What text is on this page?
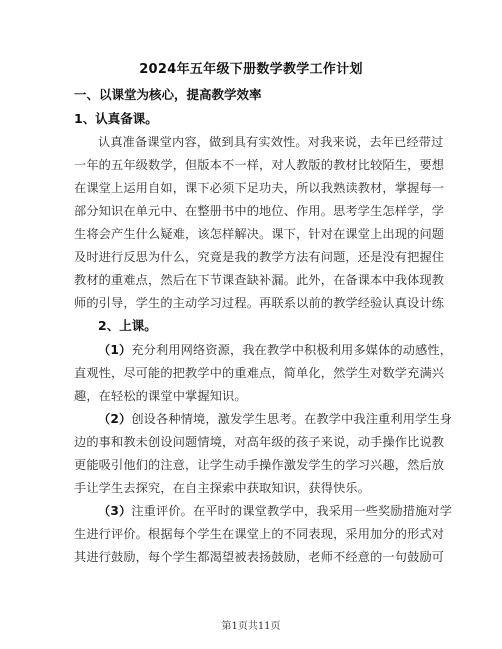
2024年五年级下册数学教学工作计划
一、以课堂为核心，提高教学效率
1、认真备课。
认真准备课堂内容，做到具有实效性。对我来说，去年已经带过
一年的五年级数学，但版本不一样，对人教版的教材比较陌生，要想
在课堂上运用自如，课下必须下足功夫，所以我熟读教材，掌握每一
部分知识在单元中、在整册书中的地位、作用。思考学生怎样学，学
生将会产生什么疑难，该怎样解决。课下，针对在课堂上出现的问题
及时进行反思为什么，究竟是我的教学方法有问题，还是没有把握住
教材的重难点，然后在下节课查缺补漏。此外，在备课本中我体现教
师的引导，学生的主动学习过程。再联系以前的教学经验认真设计练
2、上课。
（1）充分利用网络资源，我在教学中积极利用多媒体的动感性，
直观性，尽可能的把教学中的重难点，简单化，然学生对数学充满兴
趣，在轻松的课堂中掌握知识。
（2）创设各种情境，激发学生思考。在教学中我注重利用学生身
边的事和教未创设问题情境，对高年级的孩子来说，动手操作比说教
更能吸引他们的注意，让学生动手操作激发学生的学习兴趣，然后放
手让学生去探究，在自主探索中获取知识，获得快乐。
（3）注重评价。在平时的课堂教学中，我采用一些奖励措施对学
生进行评价。根据每个学生在课堂上的不同表现，采用加分的形式对
其进行鼓励，每个学生都渴望被表扬鼓励，老师不经意的一句鼓励可
第1页共11页
